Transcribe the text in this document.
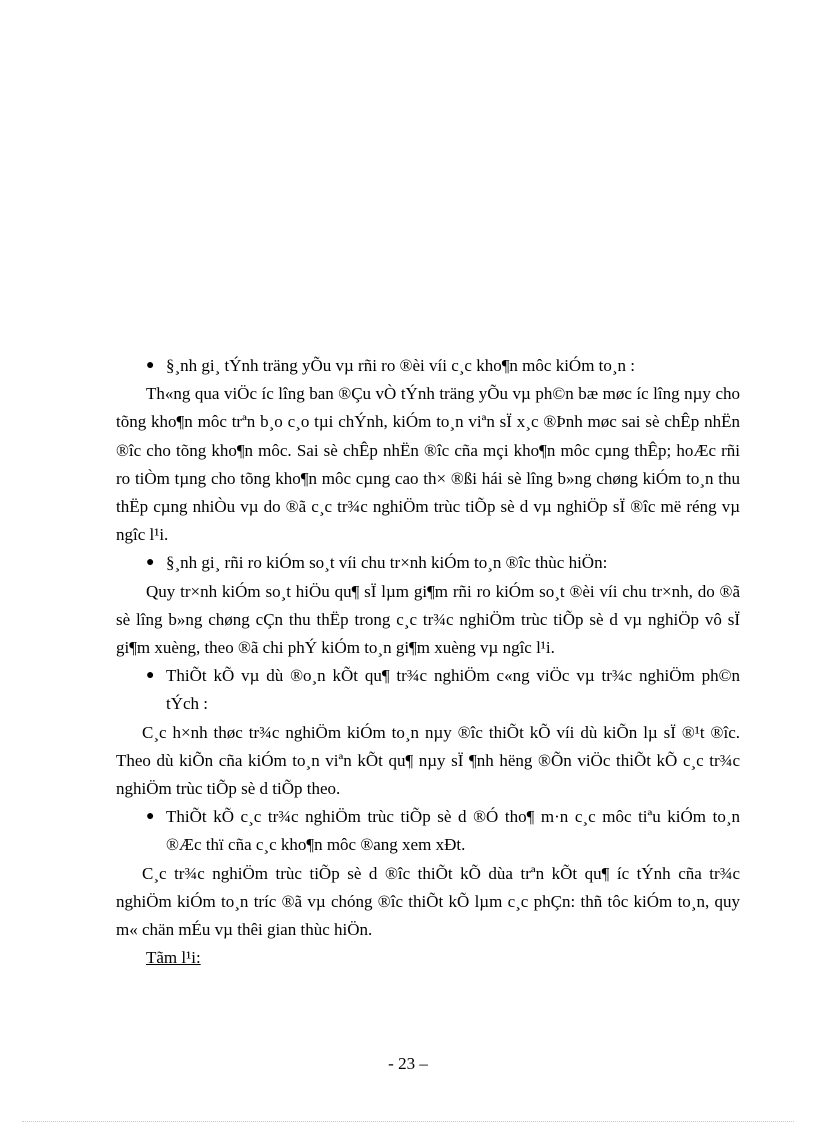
● §¸nh gi¸ tÝnh träng yÕu vµ rñi ro ®èi víi c¸c kho¶n môc kiÓm to¸n :

Th«ng qua viÖc íc lîng ban ®Çu vÒ tÝnh träng yÕu vµ ph©n bæ møc íc lîng nµy cho tõng kho¶n môc trªn b¸o c¸o tµi chÝnh, kiÓm to¸n viªn sÏ x¸c ®Þnh møc sai sè chÊp nhËn ®îc cho tõng kho¶n môc. Sai sè chÊp nhËn ®îc cña mçi kho¶n môc cµng thÊp; hoÆc rñi ro tiÒm tµng cho tõng kho¶n môc cµng cao th× ®ßi hái sè lîng b»ng chøng kiÓm to¸n thu thËp cµng nhiÒu vµ do ®ã c¸c tr¾c nghiÖm trùc tiÕp sè d vµ nghiÖp sÏ ®îc më réng vµ ngîc l¹i.

● §¸nh gi¸ rñi ro kiÓm so¸t víi chu tr×nh kiÓm to¸n ®îc thùc hiÖn:

Quy tr×nh kiÓm so¸t hiÖu qu¶ sÏ lµm gi¶m rñi ro kiÓm so¸t ®èi víi chu tr×nh, do ®ã sè lîng b»ng chøng cÇn thu thËp trong c¸c tr¾c nghiÖm trùc tiÕp sè d vµ nghiÖp vô sÏ gi¶m xuèng, theo ®ã chi phÝ kiÓm to¸n gi¶m xuèng vµ ngîc l¹i.

● ThiÕt kÕ vµ dù ®o¸n kÕt qu¶ tr¾c nghiÖm c«ng viÖc vµ tr¾c nghiÖm ph©n tÝch :

C¸c h×nh thøc tr¾c nghiÖm kiÓm to¸n nµy ®îc thiÕt kÕ víi dù kiÕn lµ sÏ ®¹t ®îc. Theo dù kiÕn cña kiÓm to¸n viªn kÕt qu¶ nµy sÏ ¶nh hëng ®Õn viÖc thiÕt kÕ c¸c tr¾c nghiÖm trùc tiÕp sè d tiÕp theo.

● ThiÕt kÕ c¸c tr¾c nghiÖm trùc tiÕp sè d ®Ó tho¶ m·n c¸c môc tiªu kiÓm to¸n ®Æc thï cña c¸c kho¶n môc ®ang xem xÐt.

C¸c tr¾c nghiÖm trùc tiÕp sè d ®îc thiÕt kÕ dùa trªn kÕt qu¶ íc tÝnh cña tr¾c nghiÖm kiÓm to¸n tríc ®ã vµ chóng ®îc thiÕt kÕ lµm c¸c phÇn: thñ tôc kiÓm to¸n, quy m« chän mÉu vµ thêi gian thùc hiÖn.

Tãm l¹i:

- 23 –
